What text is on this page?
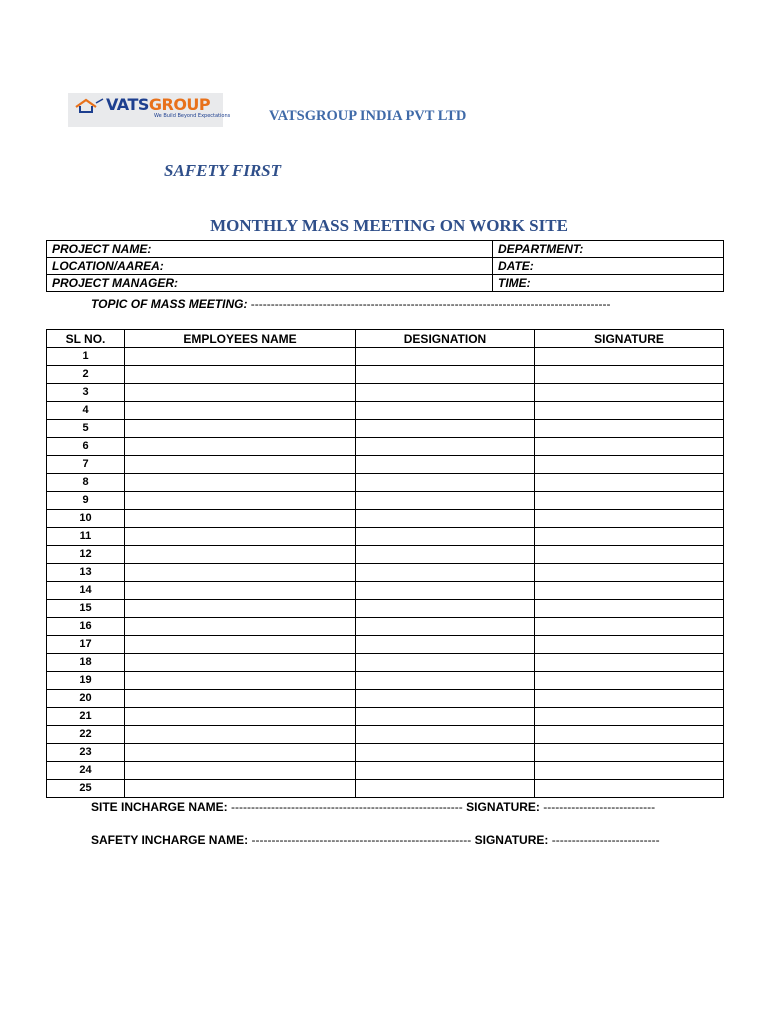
VATSGROUP
We Build Beyond Expectations	VATSGROUP INDIA PVT LTD
SAFETY FIRST
MONTHLY MASS MEETING ON WORK SITE
PROJECT NAME:	DEPARTMENT:
LOCATION/AAREA:	DATE:
PROJECT MANAGER:	TIME:
TOPIC OF MASS MEETING: ------------------------------------------------------------------------------------------
SL NO.	EMPLOYEES NAME	DESIGNATION	SIGNATURE
1			
2			
3			
4			
5			
6			
7			
8			
9			
10			
11			
12			
13			
14			
15			
16			
17			
18			
19			
20			
21			
22			
23			
24			
25			
SITE INCHARGE NAME: ---------------------------------------------------------- SIGNATURE: ----------------------------
SAFETY INCHARGE NAME: ------------------------------------------------------- SIGNATURE: ---------------------------
